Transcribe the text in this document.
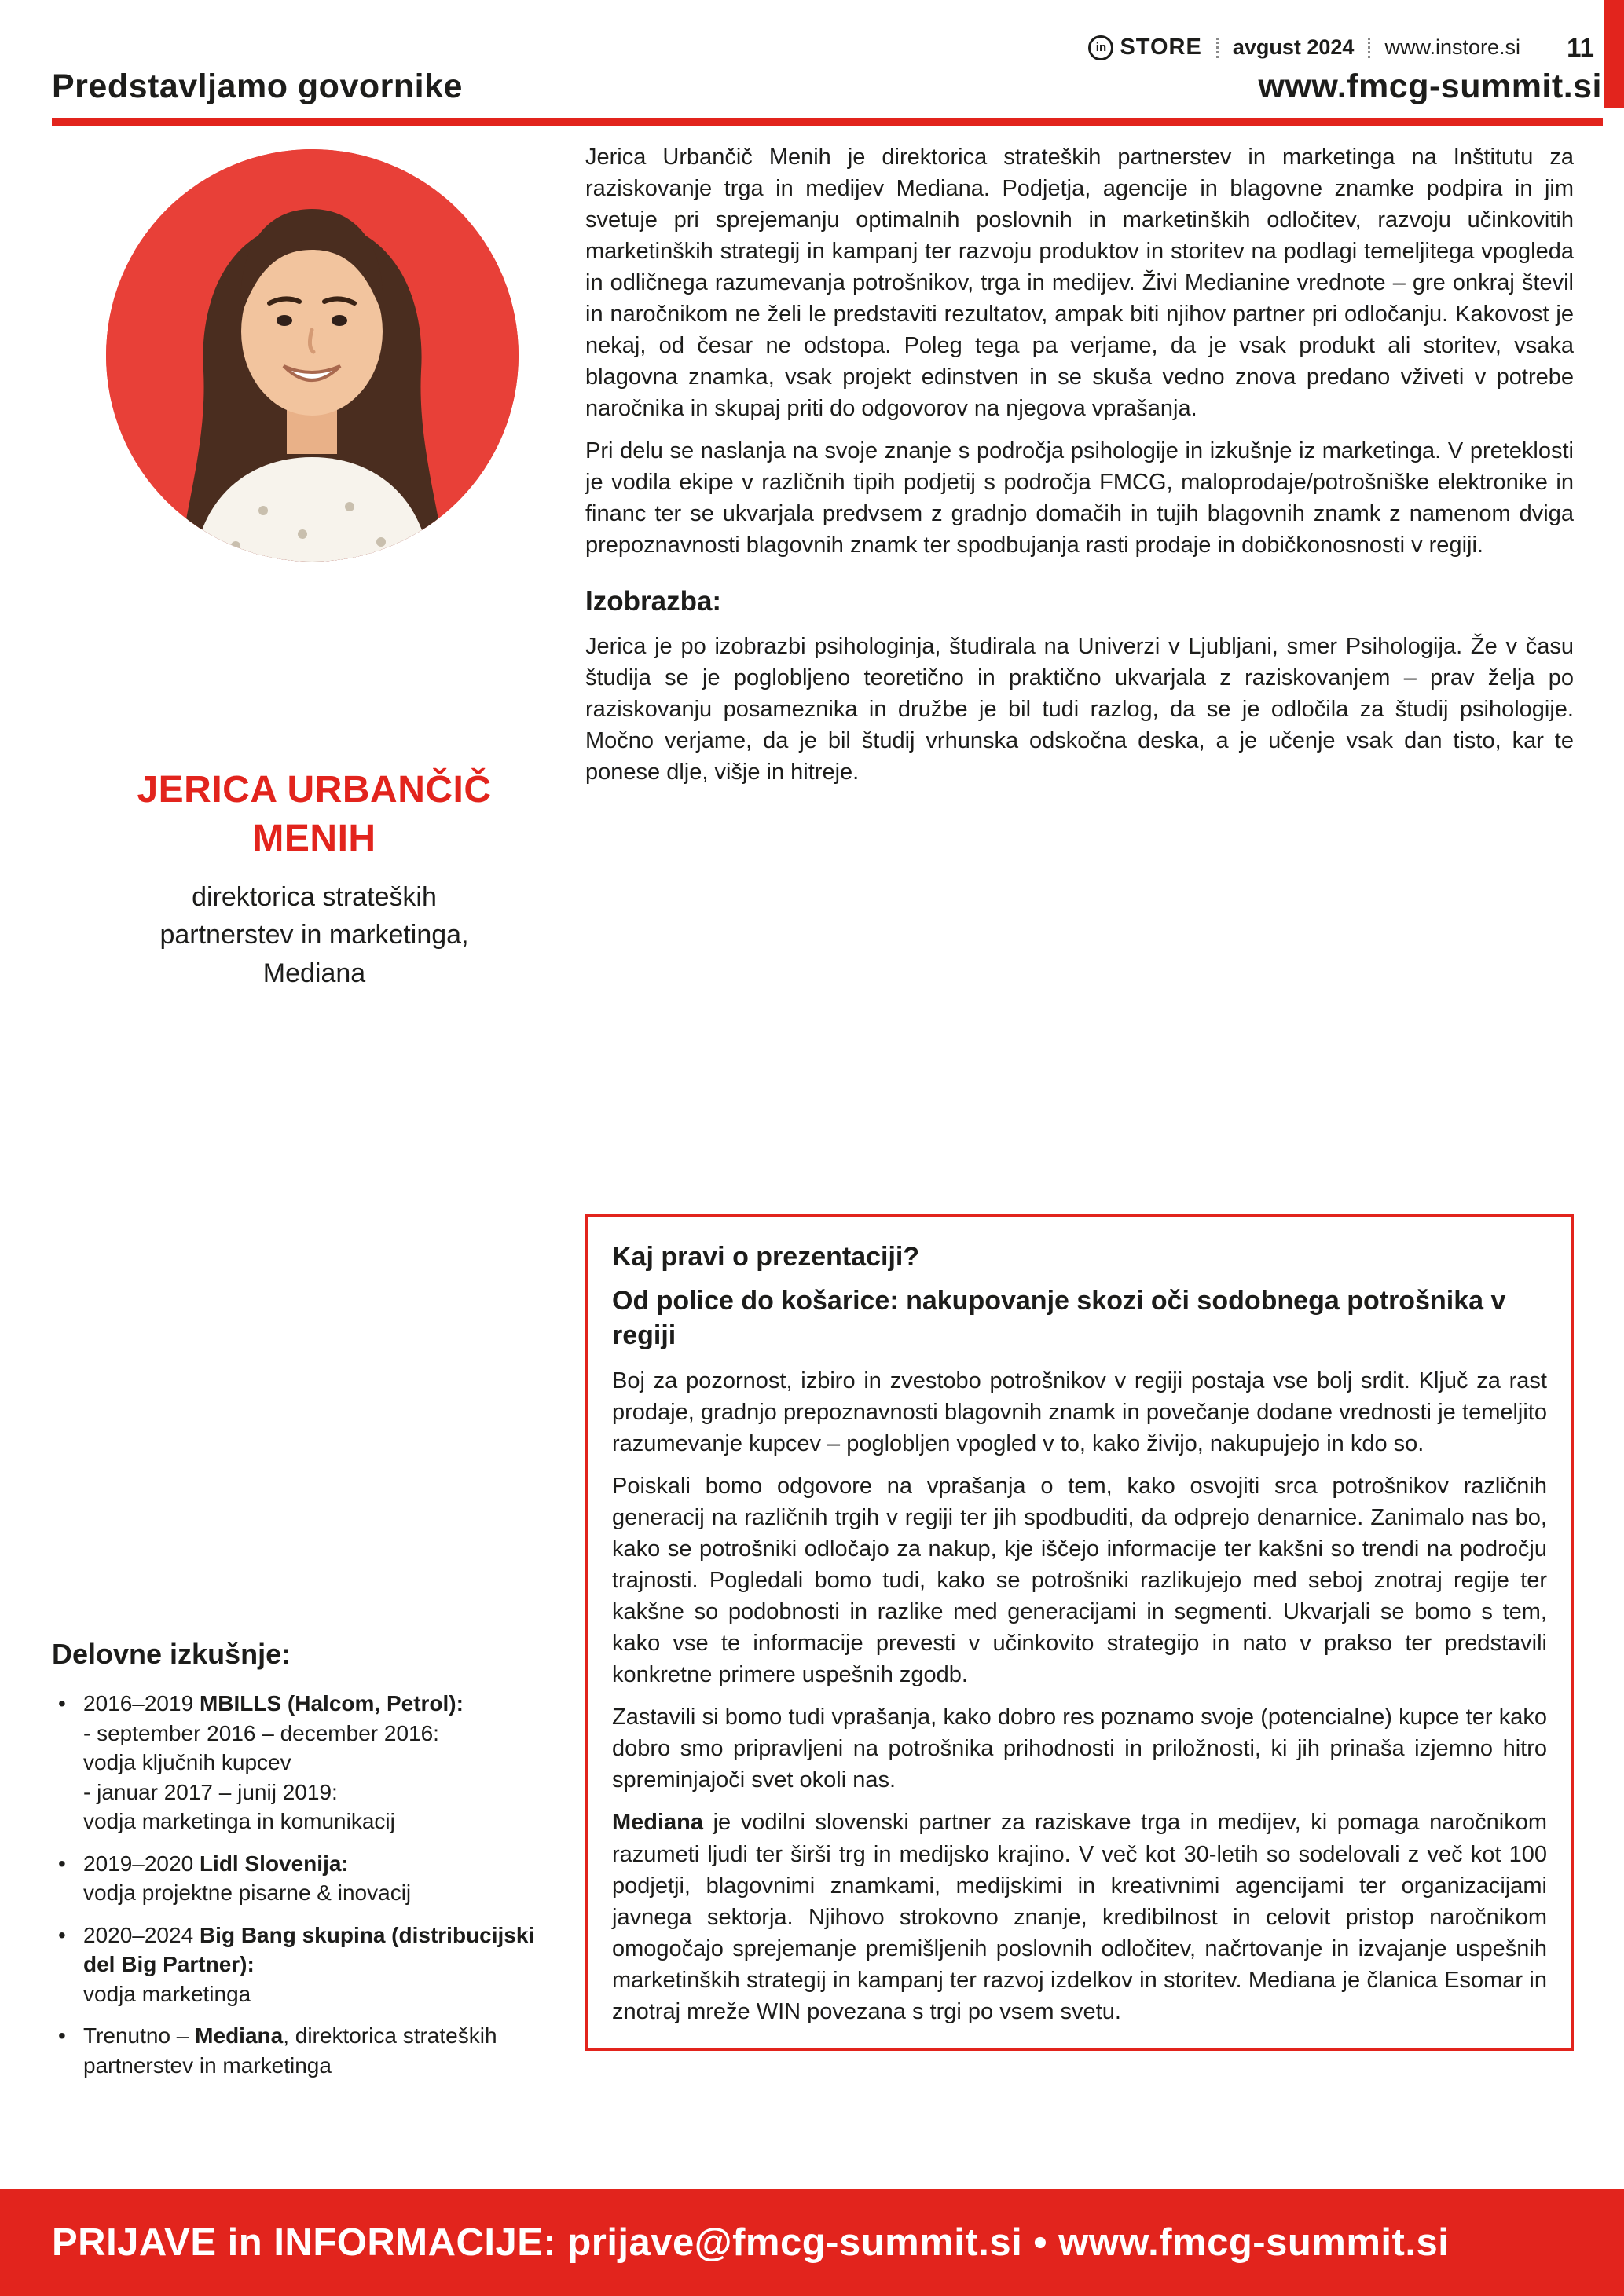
in STORE avgust 2024 www.instore.si 11
Predstavljamo govornike	www.fmcg-summit.si
JERICA URBANČIČ
MENIH

direktorica strateških partnerstev in marketinga, Mediana

Jerica Urbančič Menih je direktorica strateških partnerstev in marketinga na Inštitutu za raziskovanje trga in medijev Mediana. Podjetja, agencije in blagovne znamke podpira in jim svetuje pri sprejemanju optimalnih poslovnih in marketinških odločitev, razvoju učinkovitih marketinških strategij in kampanj ter razvoju produktov in storitev na podlagi temeljitega vpogleda in odličnega razumevanja potrošnikov, trga in medijev. Živi Medianine vrednote – gre onkraj števil in naročnikom ne želi le predstaviti rezultatov, ampak biti njihov partner pri odločanju. Kakovost je nekaj, od česar ne odstopa. Poleg tega pa verjame, da je vsak produkt ali storitev, vsaka blagovna znamka, vsak projekt edinstven in se skuša vedno znova predano vživeti v potrebe naročnika in skupaj priti do odgovorov na njegova vprašanja.

Pri delu se naslanja na svoje znanje s področja psihologije in izkušnje iz marketinga. V preteklosti je vodila ekipe v različnih tipih podjetij s področja FMCG, maloprodaje/potrošniške elektronike in financ ter se ukvarjala predvsem z gradnjo domačih in tujih blagovnih znamk z namenom dviga prepoznavnosti blagovnih znamk ter spodbujanja rasti prodaje in dobičkonosnosti v regiji.

Izobrazba:

Jerica je po izobrazbi psihologinja, študirala na Univerzi v Ljubljani, smer Psihologija. Že v času študija se je poglobljeno teoretično in praktično ukvarjala z raziskovanjem – prav želja po raziskovanju posameznika in družbe je bil tudi razlog, da se je odločila za študij psihologije. Močno verjame, da je bil študij vrhunska odskočna deska, a je učenje vsak dan tisto, kar te ponese dlje, višje in hitreje.

Kaj pravi o prezentaciji?
Od police do košarice: nakupovanje skozi oči sodobnega potrošnika v regiji

Boj za pozornost, izbiro in zvestobo potrošnikov v regiji postaja vse bolj srdit. Ključ za rast prodaje, gradnjo prepoznavnosti blagovnih znamk in povečanje dodane vrednosti je temeljito razumevanje kupcev – poglobljen vpogled v to, kako živijo, nakupujejo in kdo so.

Poiskali bomo odgovore na vprašanja o tem, kako osvojiti srca potrošnikov različnih generacij na različnih trgih v regiji ter jih spodbuditi, da odprejo denarnice. Zanimalo nas bo, kako se potrošniki odločajo za nakup, kje iščejo informacije ter kakšni so trendi na področju trajnosti. Pogledali bomo tudi, kako se potrošniki razlikujejo med seboj znotraj regije ter kakšne so podobnosti in razlike med generacijami in segmenti. Ukvarjali se bomo s tem, kako vse te informacije prevesti v učinkovito strategijo in nato v prakso ter predstavili konkretne primere uspešnih zgodb.

Zastavili si bomo tudi vprašanja, kako dobro res poznamo svoje (potencialne) kupce ter kako dobro smo pripravljeni na potrošnika prihodnosti in priložnosti, ki jih prinaša izjemno hitro spreminjajoči svet okoli nas.

Mediana je vodilni slovenski partner za raziskave trga in medijev, ki pomaga naročnikom razumeti ljudi ter širši trg in medijsko krajino. V več kot 30-letih so sodelovali z več kot 100 podjetji, blagovnimi znamkami, medijskimi in kreativnimi agencijami ter organizacijami javnega sektorja. Njihovo strokovno znanje, kredibilnost in celovit pristop naročnikom omogočajo sprejemanje premišljenih poslovnih odločitev, načrtovanje in izvajanje uspešnih marketinških strategij in kampanj ter razvoj izdelkov in storitev. Mediana je članica Esomar in znotraj mreže WIN povezana s trgi po vsem svetu.

Delovne izkušnje:
• 2016–2019 MBILLS (Halcom, Petrol):
- september 2016 – december 2016:
vodja ključnih kupcev
- januar 2017 – junij 2019:
vodja marketinga in komunikacij
• 2019–2020 Lidl Slovenija:
vodja projektne pisarne & inovacij
• 2020–2024 Big Bang skupina (distribucijski del Big Partner):
vodja marketinga
• Trenutno – Mediana, direktorica strateških partnerstev in marketinga
PRIJAVE in INFORMACIJE: prijave@fmcg-summit.si • www.fmcg-summit.si
